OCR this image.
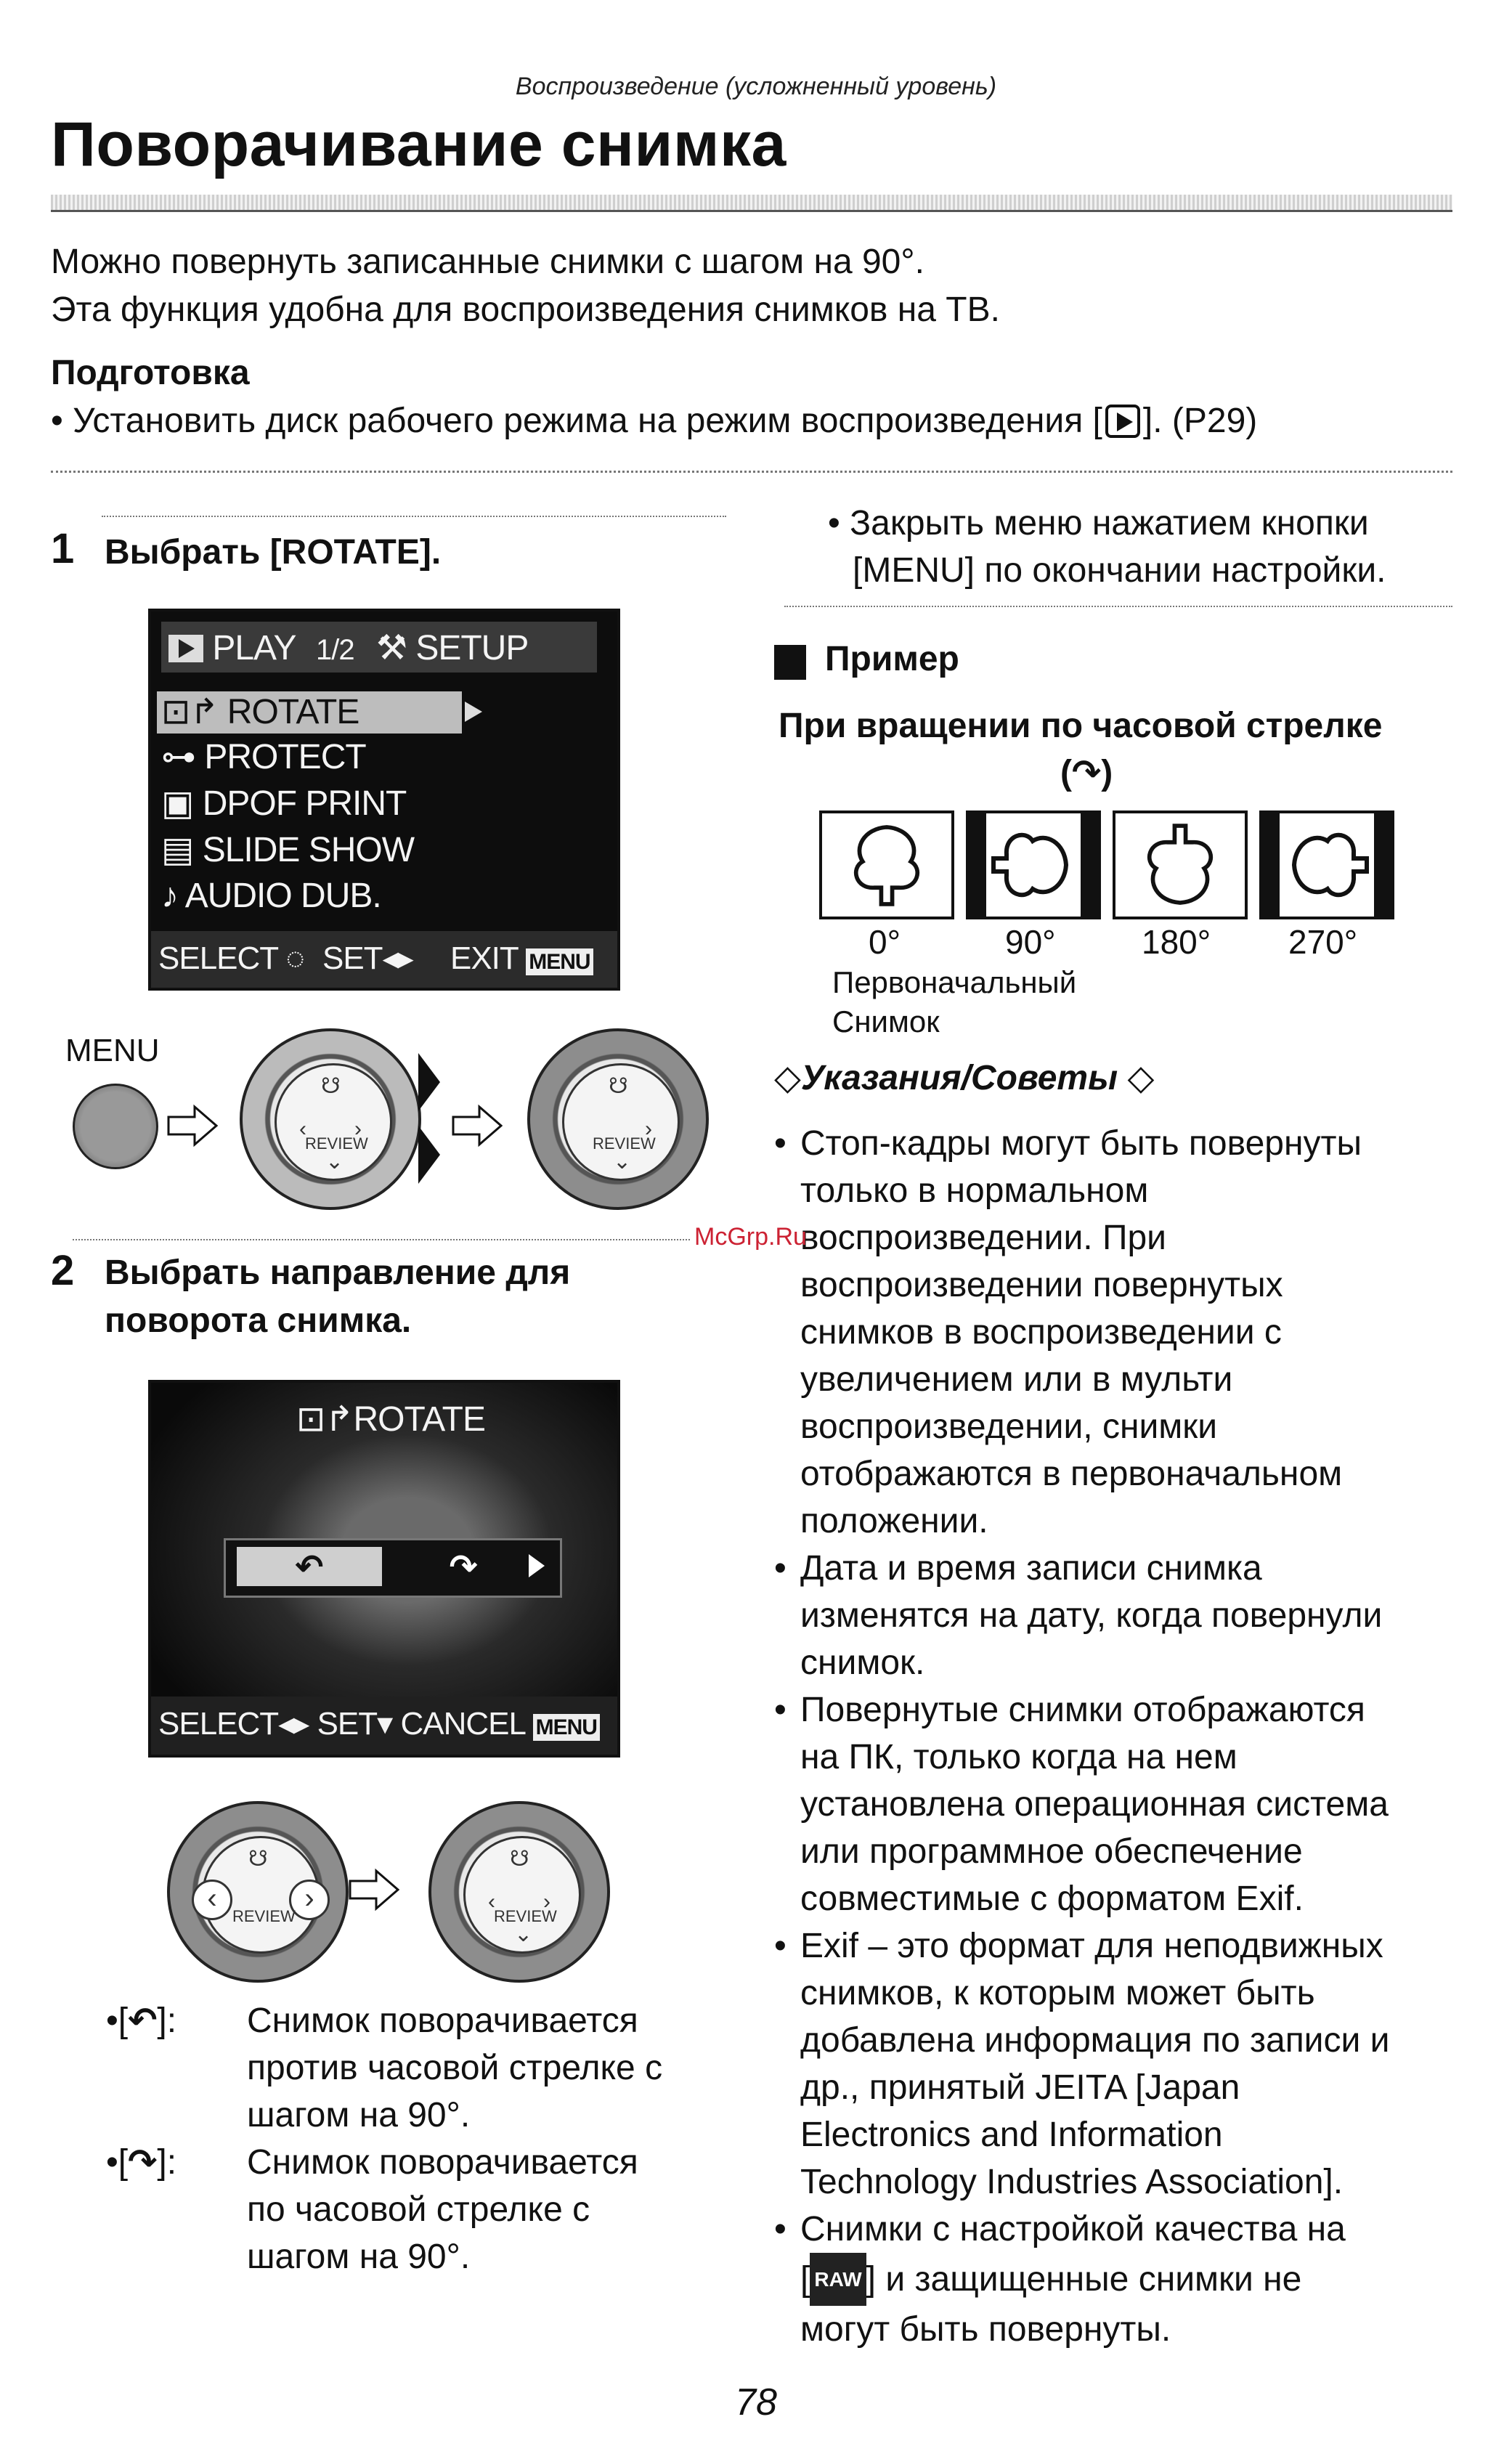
Воспроизведение (усложненный уровень)
Поворачивание снимка
Можно повернуть записанные снимки с шагом на 90°.
Эта функция удобна для воспроизведения снимков на ТВ.
Подготовка
• Установить диск рабочего режима на режим воспроизведения [ ]. (P29)
1 Выбрать [ROTATE].
PLAY 1/2 ⚒ SETUP
⊡↱ ROTATE
⊶ PROTECT
▣ DPOF PRINT
▤ SLIDE SHOW
♪ AUDIO DUB.
SELECT ◌ SET◂▸ EXIT MENU
MENU
☋
‹ ›
REVIEW
⌄
☋
›
REVIEW
⌄
2 Выбрать направление для
поворота снимка.
⊡↱ROTATE
↶	↷
SELECT◂▸ SET▾ CANCEL MENU
☋
‹	›
REVIEW
☋
‹ ›
REVIEW
⌄
•[↶]: Снимок поворачивается
против часовой стрелке с
шагом на 90°.
•[↷]: Снимок поворачивается
по часовой стрелке с
шагом на 90°.
• Закрыть меню нажатием кнопки
[MENU] по окончании настройки.
Пример
При вращении по часовой стрелке
(↷)
0°	90°	180° 270°
Первоначальный
Снимок
◇Указания/Советы ◇
• Стоп-кадры могут быть повернуты
только в нормальном
воспроизведении. При
воспроизведении повернутых
снимков в воспроизведении с
увеличением или в мульти
воспроизведении, снимки
отображаются в первоначальном
положении.
• Дата и время записи снимка
изменятся на дату, когда повернули
снимок.
• Повернутые снимки отображаются
на ПК, только когда на нем
установлена операционная система
или программное обеспечение
совместимые с форматом Exif.
• Exif – это формат для неподвижных
снимков, к которым может быть
добавлена информация по записи и
др., принятый JEITA [Japan
Electronics and Information
Technology Industries Association].
• Снимки с настройкой качества на
[ RAW ] и защищенные снимки не
могут быть повернуты.
McGrp.Ru
78
